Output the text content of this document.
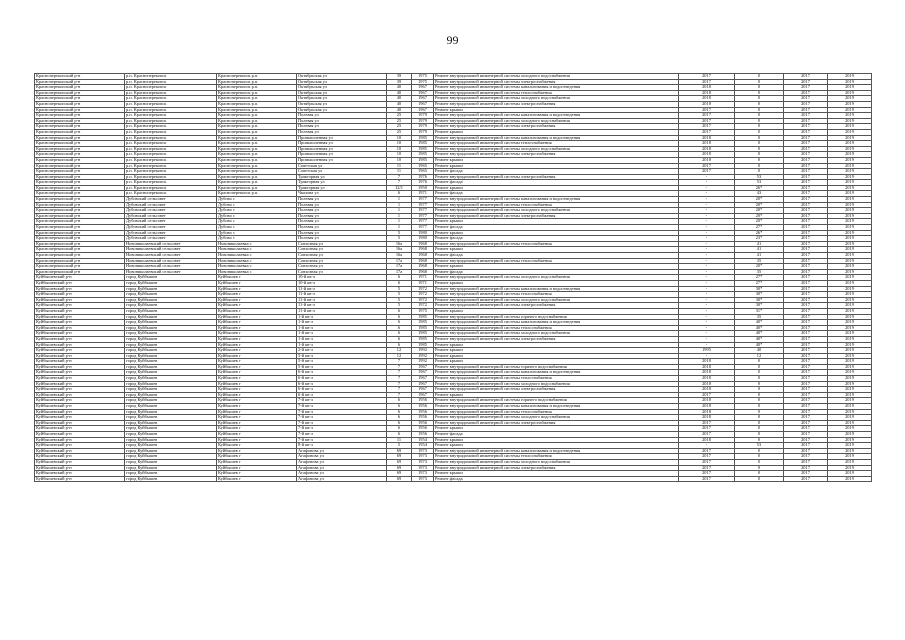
99
Красноперекопский р-н	р.п. Красноперекопск	Красноперекопск р.п.	Октябрьская ул	39	1975	Ремонт внутридомовой инженерной системы холодного водоснабжения	2017	0	2017	2019
Красноперекопский р-н	р.п. Красноперекопск	Красноперекопск р.п.	Октябрьская ул	39	1975	Ремонт внутридомовой инженерной системы электроснабжения	2017	0	2017	2019
Красноперекопский р-н	р.п. Красноперекопск	Красноперекопск р.п.	Октябрьская ул	40	1967	Ремонт внутридомовой инженерной системы канализования и водоотведения	2018	0	2017	2019
Красноперекопский р-н	р.п. Красноперекопск	Красноперекопск р.п.	Октябрьская ул	40	1967	Ремонт внутридомовой инженерной системы теплоснабжения	2018	0	2017	2019
Красноперекопский р-н	р.п. Красноперекопск	Красноперекопск р.п.	Октябрьская ул	40	1967	Ремонт внутридомовой инженерной системы холодного водоснабжения	2018	0	2017	2019
Красноперекопский р-н	р.п. Красноперекопск	Красноперекопск р.п.	Октябрьская ул	40	1967	Ремонт внутридомовой инженерной системы электроснабжения	2018	0	2017	2019
Красноперекопский р-н	р.п. Красноперекопск	Красноперекопск р.п.	Октябрьская ул	40	1967	Ремонт крыши	2017	0	2017	2019
Красноперекопский р-н	р.п. Красноперекопск	Красноперекопск р.п.	Полевая ул	25	1979	Ремонт внутридомовой инженерной системы канализования и водоотведения	2017	0	2017	2019
Красноперекопский р-н	р.п. Красноперекопск	Красноперекопск р.п.	Полевая ул	25	1979	Ремонт внутридомовой инженерной системы холодного водоснабжения	2017	0	2017	2019
Красноперекопский р-н	р.п. Красноперекопск	Красноперекопск р.п.	Полевая ул	25	1979	Ремонт внутридомовой инженерной системы электроснабжения	2017	0	2017	2019
Красноперекопский р-н	р.п. Красноперекопск	Красноперекопск р.п.	Полевая ул	25	1979	Ремонт крыши	2017	0	2017	2019
Красноперекопский р-н	р.п. Красноперекопск	Красноперекопск р.п.	Промышленная ул	10	1985	Ремонт внутридомовой инженерной системы канализования и водоотведения	2018	0	2017	2019
Красноперекопский р-н	р.п. Красноперекопск	Красноперекопск р.п.	Промышленная ул	10	1985	Ремонт внутридомовой инженерной системы теплоснабжения	2018	0	2017	2019
Красноперекопский р-н	р.п. Красноперекопск	Красноперекопск р.п.	Промышленная ул	10	1985	Ремонт внутридомовой инженерной системы холодного водоснабжения	2018	0	2017	2019
Красноперекопский р-н	р.п. Красноперекопск	Красноперекопск р.п.	Промышленная ул	10	1985	Ремонт внутридомовой инженерной системы электроснабжения	2018	0	2017	2019
Красноперекопский р-н	р.п. Красноперекопск	Красноперекопск р.п.	Промышленная ул	10	1985	Ремонт крыши	2018	0	2017	2019
Красноперекопский р-н	р.п. Красноперекопск	Красноперекопск р.п.	Советская ул	11	1965	Ремонт крыши	2017	0	2017	2019
Красноперекопский р-н	р.п. Красноперекопск	Красноперекопск р.п.	Советская ул	11	1965	Ремонт фасада	2017	0	2017	2019
Красноперекопский р-н	р.п. Красноперекопск	Красноперекопск р.п.	Тракторная ул	7	1976	Ремонт внутридомовой инженерной системы электроснабжения	-	53	2017	2019
Красноперекопский р-н	р.п. Красноперекопск	Красноперекопск р.п.	Тракторная ул	7	1976	Ремонт фасада	-	53	2017	2019
Красноперекопский р-н	р.п. Красноперекопск	Красноперекопск р.п.	Тракторная ул	12/1	1950	Ремонт крыши	-	26*	2017	2019
Красноперекопский р-н	р.п. Красноперекопск	Красноперекопск р.п.	Чкалова ул	6	1971	Ремонт фасада	-	43	2017	2019
Красноперекопский р-н	Дубовский сельсовет	Дубово с	Полевая ул	1	1977	Ремонт внутридомовой инженерной системы канализования и водоотведения	-	20*	2017	2019
Красноперекопский р-н	Дубовский сельсовет	Дубово с	Полевая ул	1	1977	Ремонт внутридомовой инженерной системы теплоснабжения	-	20*	2017	2019
Красноперекопский р-н	Дубовский сельсовет	Дубово с	Полевая ул	1	1977	Ремонт внутридомовой инженерной системы холодного водоснабжения	-	20*	2017	2019
Красноперекопский р-н	Дубовский сельсовет	Дубово с	Полевая ул	1	1977	Ремонт внутридомовой инженерной системы электроснабжения	-	20*	2017	2019
Красноперекопский р-н	Дубовский сельсовет	Дубово с	Полевая ул	1	1977	Ремонт крыши	-	20*	2017	2019
Красноперекопский р-н	Дубовский сельсовет	Дубово с	Полевая ул	1	1977	Ремонт фасада	-	27*	2017	2019
Красноперекопский р-н	Дубовский сельсовет	Дубово с	Полевая ул	5	1980	Ремонт крыши	-	26*	2017	2019
Красноперекопский р-н	Дубовский сельсовет	Дубово с	Полевая ул	5	1980	Ремонт фасада	-	23*	2017	2019
Красноперекопский р-н	Новониколаевский сельсовет	Новониколаевка с	Совхозная ул	16а	1968	Ремонт внутридомовой инженерной системы теплоснабжения	-	41	2017	2019
Красноперекопский р-н	Новониколаевский сельсовет	Новониколаевка с	Совхозная ул	16а	1968	Ремонт крыши	-	41	2017	2019
Красноперекопский р-н	Новониколаевский сельсовет	Новониколаевка с	Совхозная ул	16а	1968	Ремонт фасада	-	41	2017	2019
Красноперекопский р-н	Новониколаевский сельсовет	Новониколаевка с	Совхозная ул	17а	1968	Ремонт внутридомовой инженерной системы теплоснабжения	-	35	2017	2019
Красноперекопский р-н	Новониколаевский сельсовет	Новониколаевка с	Совхозная ул	17а	1968	Ремонт крыши	-	20*	2017	2019
Красноперекопский р-н	Новониколаевский сельсовет	Новониколаевка с	Совхозная ул	17а	1968	Ремонт фасада	-	35	2017	2019
Куйбышевский р-н	город Куйбышев	Куйбышев г	10-й кв-л	6	1971	Ремонт внутридомовой инженерной системы холодного водоснабжения	-	27*	2017	2019
Куйбышевский р-н	город Куйбышев	Куйбышев г	10-й кв-л	6	1971	Ремонт крыши	-	27*	2017	2019
Куйбышевский р-н	город Куйбышев	Куйбышев г	11-й кв-л	5	1972	Ремонт внутридомовой инженерной системы канализования и водоотведения	-	30*	2017	2019
Куйбышевский р-н	город Куйбышев	Куйбышев г	11-й кв-л	5	1972	Ремонт внутридомовой инженерной системы теплоснабжения	-	30*	2017	2019
Куйбышевский р-н	город Куйбышев	Куйбышев г	11-й кв-л	5	1972	Ремонт внутридомовой инженерной системы холодного водоснабжения	-	30*	2017	2019
Куйбышевский р-н	город Куйбышев	Куйбышев г	11-й кв-л	5	1972	Ремонт внутридомовой инженерной системы электроснабжения	-	30*	2017	2019
Куйбышевский р-н	город Куйбышев	Куйбышев г	11-й кв-л	6	1975	Ремонт крыши	-	31*	2017	2019
Куйбышевский р-н	город Куйбышев	Куйбышев г	1-й кв-л	6	1985	Ремонт внутридомовой инженерной системы горячего водоснабжения	-	35	2017	2019
Куйбышевский р-н	город Куйбышев	Куйбышев г	1-й кв-л	6	1985	Ремонт внутридомовой инженерной системы канализования и водоотведения	-	40*	2017	2019
Куйбышевский р-н	город Куйбышев	Куйбышев г	1-й кв-л	6	1985	Ремонт внутридомовой инженерной системы теплоснабжения	-	40*	2017	2019
Куйбышевский р-н	город Куйбышев	Куйбышев г	1-й кв-л	6	1985	Ремонт внутридомовой инженерной системы холодного водоснабжения	-	40*	2017	2019
Куйбышевский р-н	город Куйбышев	Куйбышев г	1-й кв-л	6	1985	Ремонт внутридомовой инженерной системы электроснабжения	-	40*	2017	2019
Куйбышевский р-н	город Куйбышев	Куйбышев г	1-й кв-л	6	1985	Ремонт крыши	-	40*	2017	2019
Куйбышевский р-н	город Куйбышев	Куйбышев г	2-й кв-л	12	1992	Ремонт крыши	1995	40	2017	2019
Куйбышевский р-н	город Куйбышев	Куйбышев г	5-й кв-л	12	1992	Ремонт крыши	-	12	2017	2019
Куйбышевский р-н	город Куйбышев	Куйбышев г	5-й кв-л	7	1992	Ремонт крыши	2018	0	2017	2019
Куйбышевский р-н	город Куйбышев	Куйбышев г	5-й кв-л	7	1967	Ремонт внутридомовой инженерной системы горячего водоснабжения	2018	0	2017	2019
Куйбышевский р-н	город Куйбышев	Куйбышев г	6-й кв-л	7	1967	Ремонт внутридомовой инженерной системы канализования и водоотведения	2018	0	2017	2019
Куйбышевский р-н	город Куйбышев	Куйбышев г	6-й кв-л	7	1967	Ремонт внутридомовой инженерной системы теплоснабжения	2018	0	2017	2019
Куйбышевский р-н	город Куйбышев	Куйбышев г	6-й кв-л	7	1967	Ремонт внутридомовой инженерной системы холодного водоснабжения	2018	0	2017	2019
Куйбышевский р-н	город Куйбышев	Куйбышев г	6-й кв-л	7	1967	Ремонт внутридомовой инженерной системы электроснабжения	2018	0	2017	2019
Куйбышевский р-н	город Куйбышев	Куйбышев г	6-й кв-л	7	1967	Ремонт крыши	2017	0	2017	2019
Куйбышевский р-н	город Куйбышев	Куйбышев г	7-й кв-л	6	1956	Ремонт внутридомовой инженерной системы горячего водоснабжения	2018	0	2017	2019
Куйбышевский р-н	город Куйбышев	Куйбышев г	7-й кв-л	6	1956	Ремонт внутридомовой инженерной системы канализования и водоотведения	2018	0	2017	2019
Куйбышевский р-н	город Куйбышев	Куйбышев г	7-й кв-л	6	1956	Ремонт внутридомовой инженерной системы теплоснабжения	2018	0	2017	2019
Куйбышевский р-н	город Куйбышев	Куйбышев г	7-й кв-л	6	1956	Ремонт внутридомовой инженерной системы холодного водоснабжения	2018	0	2017	2019
Куйбышевский р-н	город Куйбышев	Куйбышев г	7-й кв-л	6	1956	Ремонт внутридомовой инженерной системы электроснабжения	2017	0	2017	2019
Куйбышевский р-н	город Куйбышев	Куйбышев г	7-й кв-л	6	1956	Ремонт крыши	2017	0	2017	2019
Куйбышевский р-н	город Куйбышев	Куйбышев г	7-й кв-л	6	1956	Ремонт фасада	2017	0	2017	2019
Куйбышевский р-н	город Куйбышев	Куйбышев г	7-й кв-л	11	1954	Ремонт крыши	2018	0	2017	2019
Куйбышевский р-н	город Куйбышев	Куйбышев г	8-й кв-л	5	1954	Ремонт крыши	-	53	2017	2019
Куйбышевский р-н	город Куйбышев	Куйбышев г	Агафонова ул	69	1973	Ремонт внутридомовой инженерной системы канализования и водоотведения	2017	0	2017	2019
Куйбышевский р-н	город Куйбышев	Куйбышев г	Агафонова ул	69	1973	Ремонт внутридомовой инженерной системы теплоснабжения	2017	0	2017	2019
Куйбышевский р-н	город Куйбышев	Куйбышев г	Агафонова ул	69	1973	Ремонт внутридомовой инженерной системы холодного водоснабжения	2017	0	2017	2019
Куйбышевский р-н	город Куйбышев	Куйбышев г	Агафонова ул	69	1973	Ремонт внутридомовой инженерной системы электроснабжения	2017	0	2017	2019
Куйбышевский р-н	город Куйбышев	Куйбышев г	Агафонова ул	69	1973	Ремонт крыши	2017	0	2017	2019
Куйбышевский р-н	город Куйбышев	Куйбышев г	Агафонова ул	69	1973	Ремонт фасада	2017	0	2017	2019
